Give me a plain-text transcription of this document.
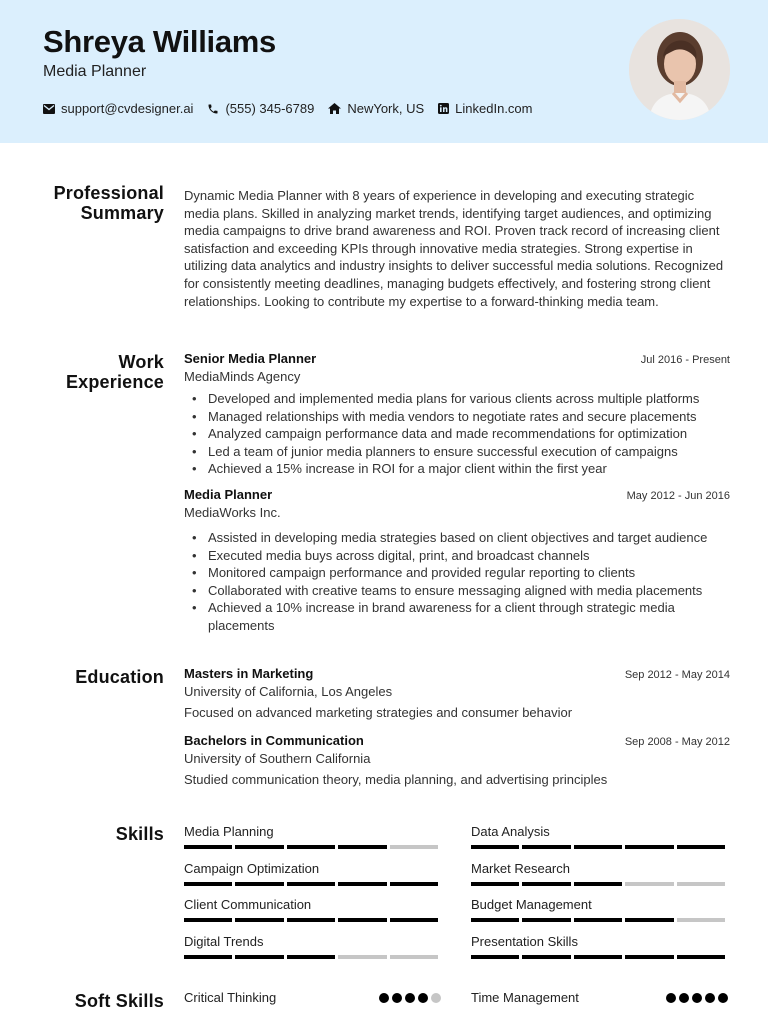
Shreya Williams
Media Planner
support@cvdesigner.ai (555) 345-6789	NewYork, US LinkedIn.com
Professional
Summary
Dynamic Media Planner with 8 years of experience in developing and executing strategic media plans. Skilled in analyzing market trends, identifying target audiences, and optimizing media campaigns to drive brand awareness and ROI. Proven track record of increasing client satisfaction and exceeding KPIs through innovative media strategies. Strong expertise in utilizing data analytics and industry insights to deliver successful media solutions. Recognized for consistently meeting deadlines, managing budgets effectively, and fostering strong client relationships. Looking to contribute my expertise to a forward-thinking media team.
Work
Experience
Senior Media Planner	Jul 2016 - Present
MediaMinds Agency
• Developed and implemented media plans for various clients across multiple platforms
• Managed relationships with media vendors to negotiate rates and secure placements
• Analyzed campaign performance data and made recommendations for optimization
• Led a team of junior media planners to ensure successful execution of campaigns
• Achieved a 15% increase in ROI for a major client within the first year
Media Planner	May 2012 - Jun 2016
MediaWorks Inc.
• Assisted in developing media strategies based on client objectives and target audience
• Executed media buys across digital, print, and broadcast channels
• Monitored campaign performance and provided regular reporting to clients
• Collaborated with creative teams to ensure messaging aligned with media placements
• Achieved a 10% increase in brand awareness for a client through strategic media placements
Education Masters in Marketing	Sep 2012 - May 2014
University of California, Los Angeles
Focused on advanced marketing strategies and consumer behavior
Bachelors in Communication	Sep 2008 - May 2012
University of Southern California
Studied communication theory, media planning, and advertising principles
Skills Media Planning	Data Analysis
Campaign Optimization	Market Research
Client Communication	Budget Management
Digital Trends	Presentation Skills
Soft Skills Critical Thinking	Time Management
